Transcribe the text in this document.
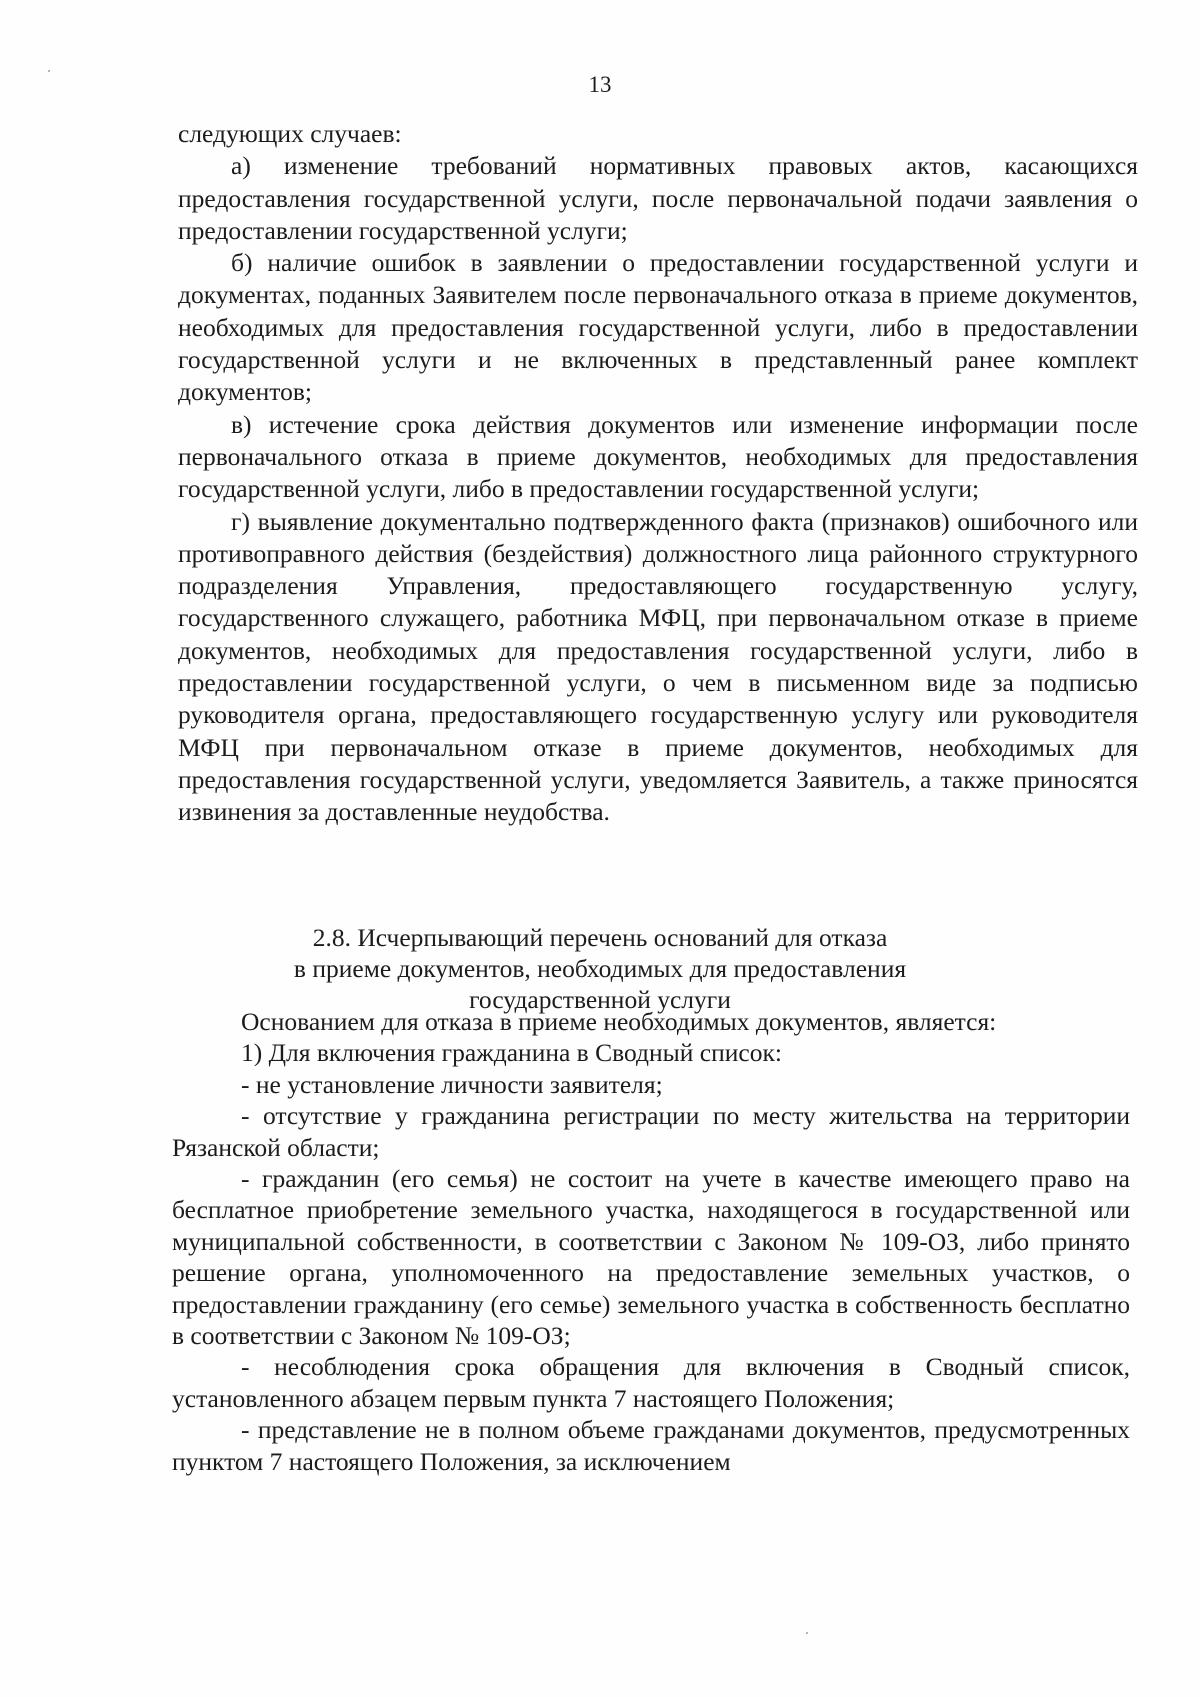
13

следующих случаев:

а) изменение требований нормативных правовых актов, касающихся предоставления государственной услуги, после первоначальной подачи заявления о предоставлении государственной услуги;

б) наличие ошибок в заявлении о предоставлении государственной услуги и документах, поданных Заявителем после первоначального отказа в приеме документов, необходимых для предоставления государственной услуги, либо в предоставлении государственной услуги и не включенных в представленный ранее комплект документов;

в) истечение срока действия документов или изменение информации после первоначального отказа в приеме документов, необходимых для предоставления государственной услуги, либо в предоставлении государственной услуги;

г) выявление документально подтвержденного факта (признаков) ошибочного или противоправного действия (бездействия) должностного лица районного структурного подразделения Управления, предоставляющего государственную услугу, государственного служащего, работника МФЦ, при первоначальном отказе в приеме документов, необходимых для предоставления государственной услуги, либо в предоставлении государственной услуги, о чем в письменном виде за подписью руководителя органа, предоставляющего государственную услугу или руководителя МФЦ при первоначальном отказе в приеме документов, необходимых для предоставления государственной услуги, уведомляется Заявитель, а также приносятся извинения за доставленные неудобства.

2.8. Исчерпывающий перечень оснований для отказа
в приеме документов, необходимых для предоставления
государственной услуги

Основанием для отказа в приеме необходимых документов, является:

1) Для включения гражданина в Сводный список:

- не установление личности заявителя;

- отсутствие у гражданина регистрации по месту жительства на территории Рязанской области;

- гражданин (его семья) не состоит на учете в качестве имеющего право на бесплатное приобретение земельного участка, находящегося в государственной или муниципальной собственности, в соответствии с Законом № 109-ОЗ, либо принято решение органа, уполномоченного на предоставление земельных участков, о предоставлении гражданину (его семье) земельного участка в собственность бесплатно в соответствии с Законом № 109-ОЗ;

- несоблюдения срока обращения для включения в Сводный список, установленного абзацем первым пункта 7 настоящего Положения;

- представление не в полном объеме гражданами документов, предусмотренных пунктом 7 настоящего Положения, за исключением
